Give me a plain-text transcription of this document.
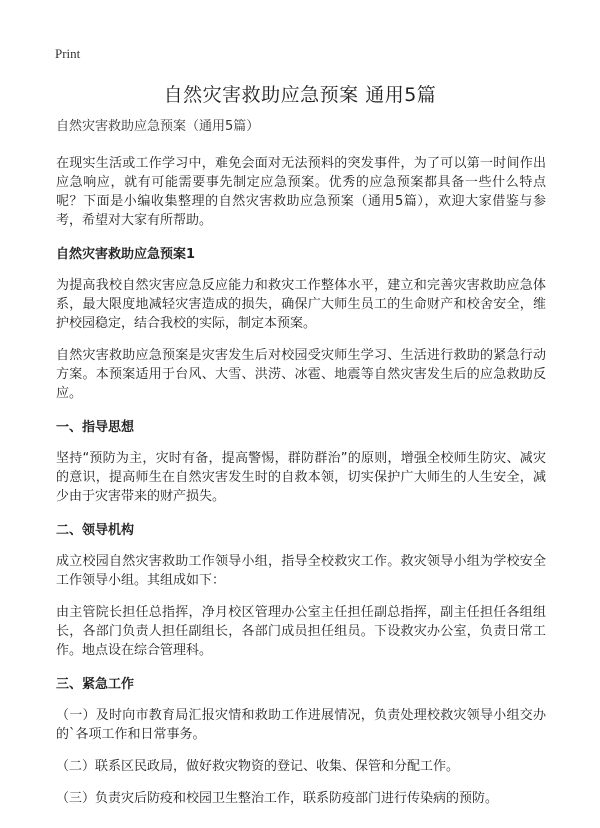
Print
自然灾害救助应急预案 通用5篇
自然灾害救助应急预案（通用5篇）

在现实生活或工作学习中，难免会面对无法预料的突发事件，为了可以第一时间作出应急响应，就有可能需要事先制定应急预案。优秀的应急预案都具备一些什么特点呢？下面是小编收集整理的自然灾害救助应急预案（通用5篇），欢迎大家借鉴与参考，希望对大家有所帮助。

自然灾害救助应急预案1

为提高我校自然灾害应急反应能力和救灾工作整体水平，建立和完善灾害救助应急体系，最大限度地减轻灾害造成的损失，确保广大师生员工的生命财产和校舍安全，维护校园稳定，结合我校的实际，制定本预案。

自然灾害救助应急预案是灾害发生后对校园受灾师生学习、生活进行救助的紧急行动方案。本预案适用于台风、大雪、洪涝、冰雹、地震等自然灾害发生后的应急救助反应。

一、指导思想

坚持“预防为主，灾时有备，提高警惕，群防群治”的原则，增强全校师生防灾、减灾的意识，提高师生在自然灾害发生时的自救本领，切实保护广大师生的人生安全，减少由于灾害带来的财产损失。

二、领导机构

成立校园自然灾害救助工作领导小组，指导全校救灾工作。救灾领导小组为学校安全工作领导小组。其组成如下：

由主管院长担任总指挥，净月校区管理办公室主任担任副总指挥，副主任担任各组组长，各部门负责人担任副组长，各部门成员担任组员。下设救灾办公室，负责日常工作。地点设在综合管理科。

三、紧急工作

（一）及时向市教育局汇报灾情和救助工作进展情况，负责处理校救灾领导小组交办的`各项工作和日常事务。

（二）联系区民政局，做好救灾物资的登记、收集、保管和分配工作。

（三）负责灾后防疫和校园卫生整治工作，联系防疫部门进行传染病的预防。
